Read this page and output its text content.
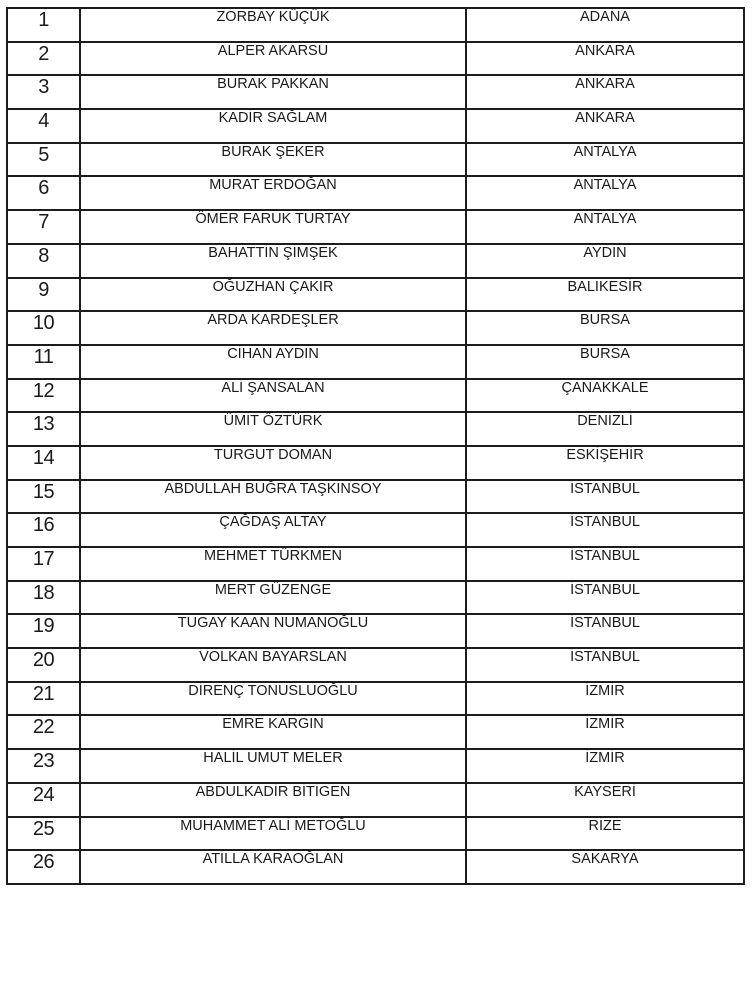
1	ZORBAY KÜÇÜK	ADANA
2	ALPER AKARSU	ANKARA
3	BURAK PAKKAN	ANKARA
4	KADİR SAĞLAM	ANKARA
5	BURAK ŞEKER	ANTALYA
6	MURAT ERDOĞAN	ANTALYA
7	ÖMER FARUK TURTAY	ANTALYA
8	BAHATTİN ŞİMŞEK	AYDIN
9	OĞUZHAN ÇAKIR	BALIKESİR
10	ARDA KARDEŞLER	BURSA
11	CİHAN AYDIN	BURSA
12	ALİ ŞANSALAN	ÇANAKKALE
13	ÜMİT ÖZTÜRK	DENİZLİ
14	TURGUT DOMAN	ESKİŞEHİR
15	ABDULLAH BUĞRA TAŞKINSOY	İSTANBUL
16	ÇAĞDAŞ ALTAY	İSTANBUL
17	MEHMET TÜRKMEN	İSTANBUL
18	MERT GÜZENGE	İSTANBUL
19	TUGAY KAAN NUMANOĞLU	İSTANBUL
20	VOLKAN BAYARSLAN	İSTANBUL
21	DİRENÇ TONUSLUOĞLU	İZMİR
22	EMRE KARGIN	İZMİR
23	HALİL UMUT MELER	İZMİR
24	ABDULKADİR BİTİGEN	KAYSERİ
25	MUHAMMET ALİ METOĞLU	RİZE
26	ATİLLA KARAOĞLAN	SAKARYA
